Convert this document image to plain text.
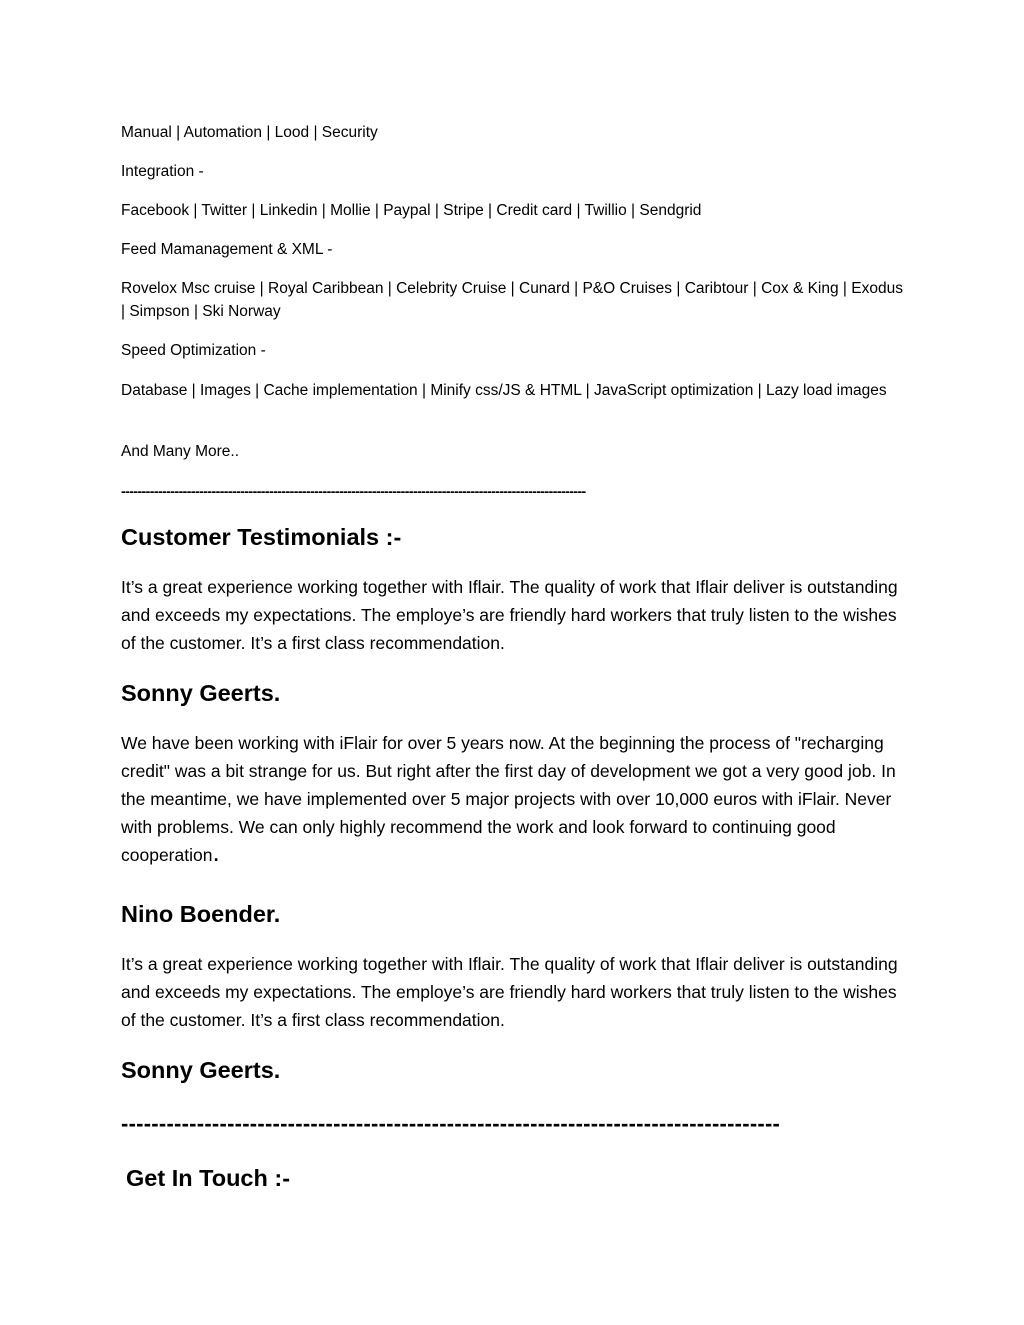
Manual | Automation | Lood | Security

Integration -

Facebook | Twitter | Linkedin | Mollie | Paypal | Stripe | Credit card | Twillio | Sendgrid

Feed Mamanagement & XML -

Rovelox Msc cruise | Royal Caribbean | Celebrity Cruise | Cunard | P&O Cruises | Caribtour | Cox & King | Exodus | Simpson | Ski Norway

Speed Optimization -

Database | Images | Cache implementation | Minify css/JS & HTML | JavaScript optimization | Lazy load images

And Many More..

-----------------------------------------------------------------------------------------------------------------

Customer Testimonials :-

It’s a great experience working together with Iflair. The quality of work that Iflair deliver is outstanding and exceeds my expectations. The employe’s are friendly hard workers that truly listen to the wishes of the customer. It’s a first class recommendation.

Sonny Geerts.

We have been working with iFlair for over 5 years now. At the beginning the process of "recharging credit" was a bit strange for us. But right after the first day of development we got a very good job. In the meantime, we have implemented over 5 major projects with over 10,000 euros with iFlair. Never with problems. We can only highly recommend the work and look forward to continuing good cooperation.

Nino Boender.

It’s a great experience working together with Iflair. The quality of work that Iflair deliver is outstanding and exceeds my expectations. The employe’s are friendly hard workers that truly listen to the wishes of the customer. It’s a first class recommendation.

Sonny Geerts.

---------------------------------------------------------------------------------------

Get In Touch :-
